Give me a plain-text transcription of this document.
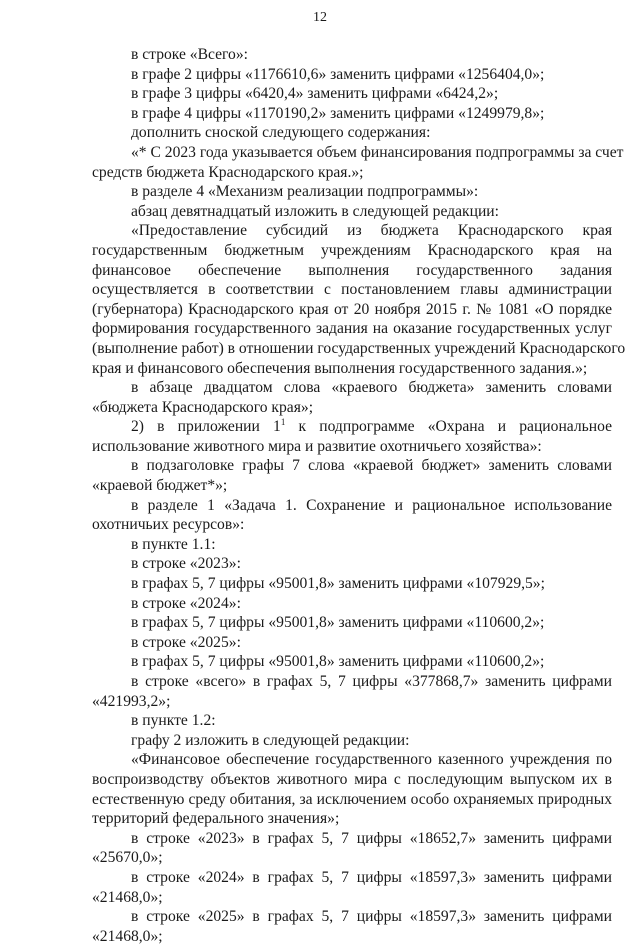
12
в строке «Всего»:
в графе 2 цифры «1176610,6» заменить цифрами «1256404,0»;
в графе 3 цифры «6420,4» заменить цифрами «6424,2»;
в графе 4 цифры «1170190,2» заменить цифрами «1249979,8»;
дополнить сноской следующего содержания:
«* С 2023 года указывается объем финансирования подпрограммы за счет
средств бюджета Краснодарского края.»;
в разделе 4 «Механизм реализации подпрограммы»:
абзац девятнадцатый изложить в следующей редакции:
«Предоставление субсидий из бюджета Краснодарского края
государственным бюджетным учреждениям Краснодарского края на
финансовое обеспечение выполнения государственного задания
осуществляется в соответствии с постановлением главы администрации
(губернатора) Краснодарского края от 20 ноября 2015 г. № 1081 «О порядке
формирования государственного задания на оказание государственных услуг
(выполнение работ) в отношении государственных учреждений Краснодарского
края и финансового обеспечения выполнения государственного задания.»;
в абзаце двадцатом слова «краевого бюджета» заменить словами
«бюджета Краснодарского края»;
2) в приложении $1^1$ к подпрограмме «Охрана и рациональное
использование животного мира и развитие охотничьего хозяйства»:
в подзаголовке графы 7 слова «краевой бюджет» заменить словами
«краевой бюджет*»;
в разделе 1 «Задача 1. Сохранение и рациональное использование
охотничьих ресурсов»:
в пункте 1.1:
в строке «2023»:
в графах 5, 7 цифры «95001,8» заменить цифрами «107929,5»;
в строке «2024»:
в графах 5, 7 цифры «95001,8» заменить цифрами «110600,2»;
в строке «2025»:
в графах 5, 7 цифры «95001,8» заменить цифрами «110600,2»;
в строке «всего» в графах 5, 7 цифры «377868,7» заменить цифрами
«421993,2»;
в пункте 1.2:
графу 2 изложить в следующей редакции:
«Финансовое обеспечение государственного казенного учреждения по
воспроизводству объектов животного мира с последующим выпуском их в
естественную среду обитания, за исключением особо охраняемых природных
территорий федерального значения»;
в строке «2023» в графах 5, 7 цифры «18652,7» заменить цифрами
«25670,0»;
в строке «2024» в графах 5, 7 цифры «18597,3» заменить цифрами
«21468,0»;
в строке «2025» в графах 5, 7 цифры «18597,3» заменить цифрами
«21468,0»;
